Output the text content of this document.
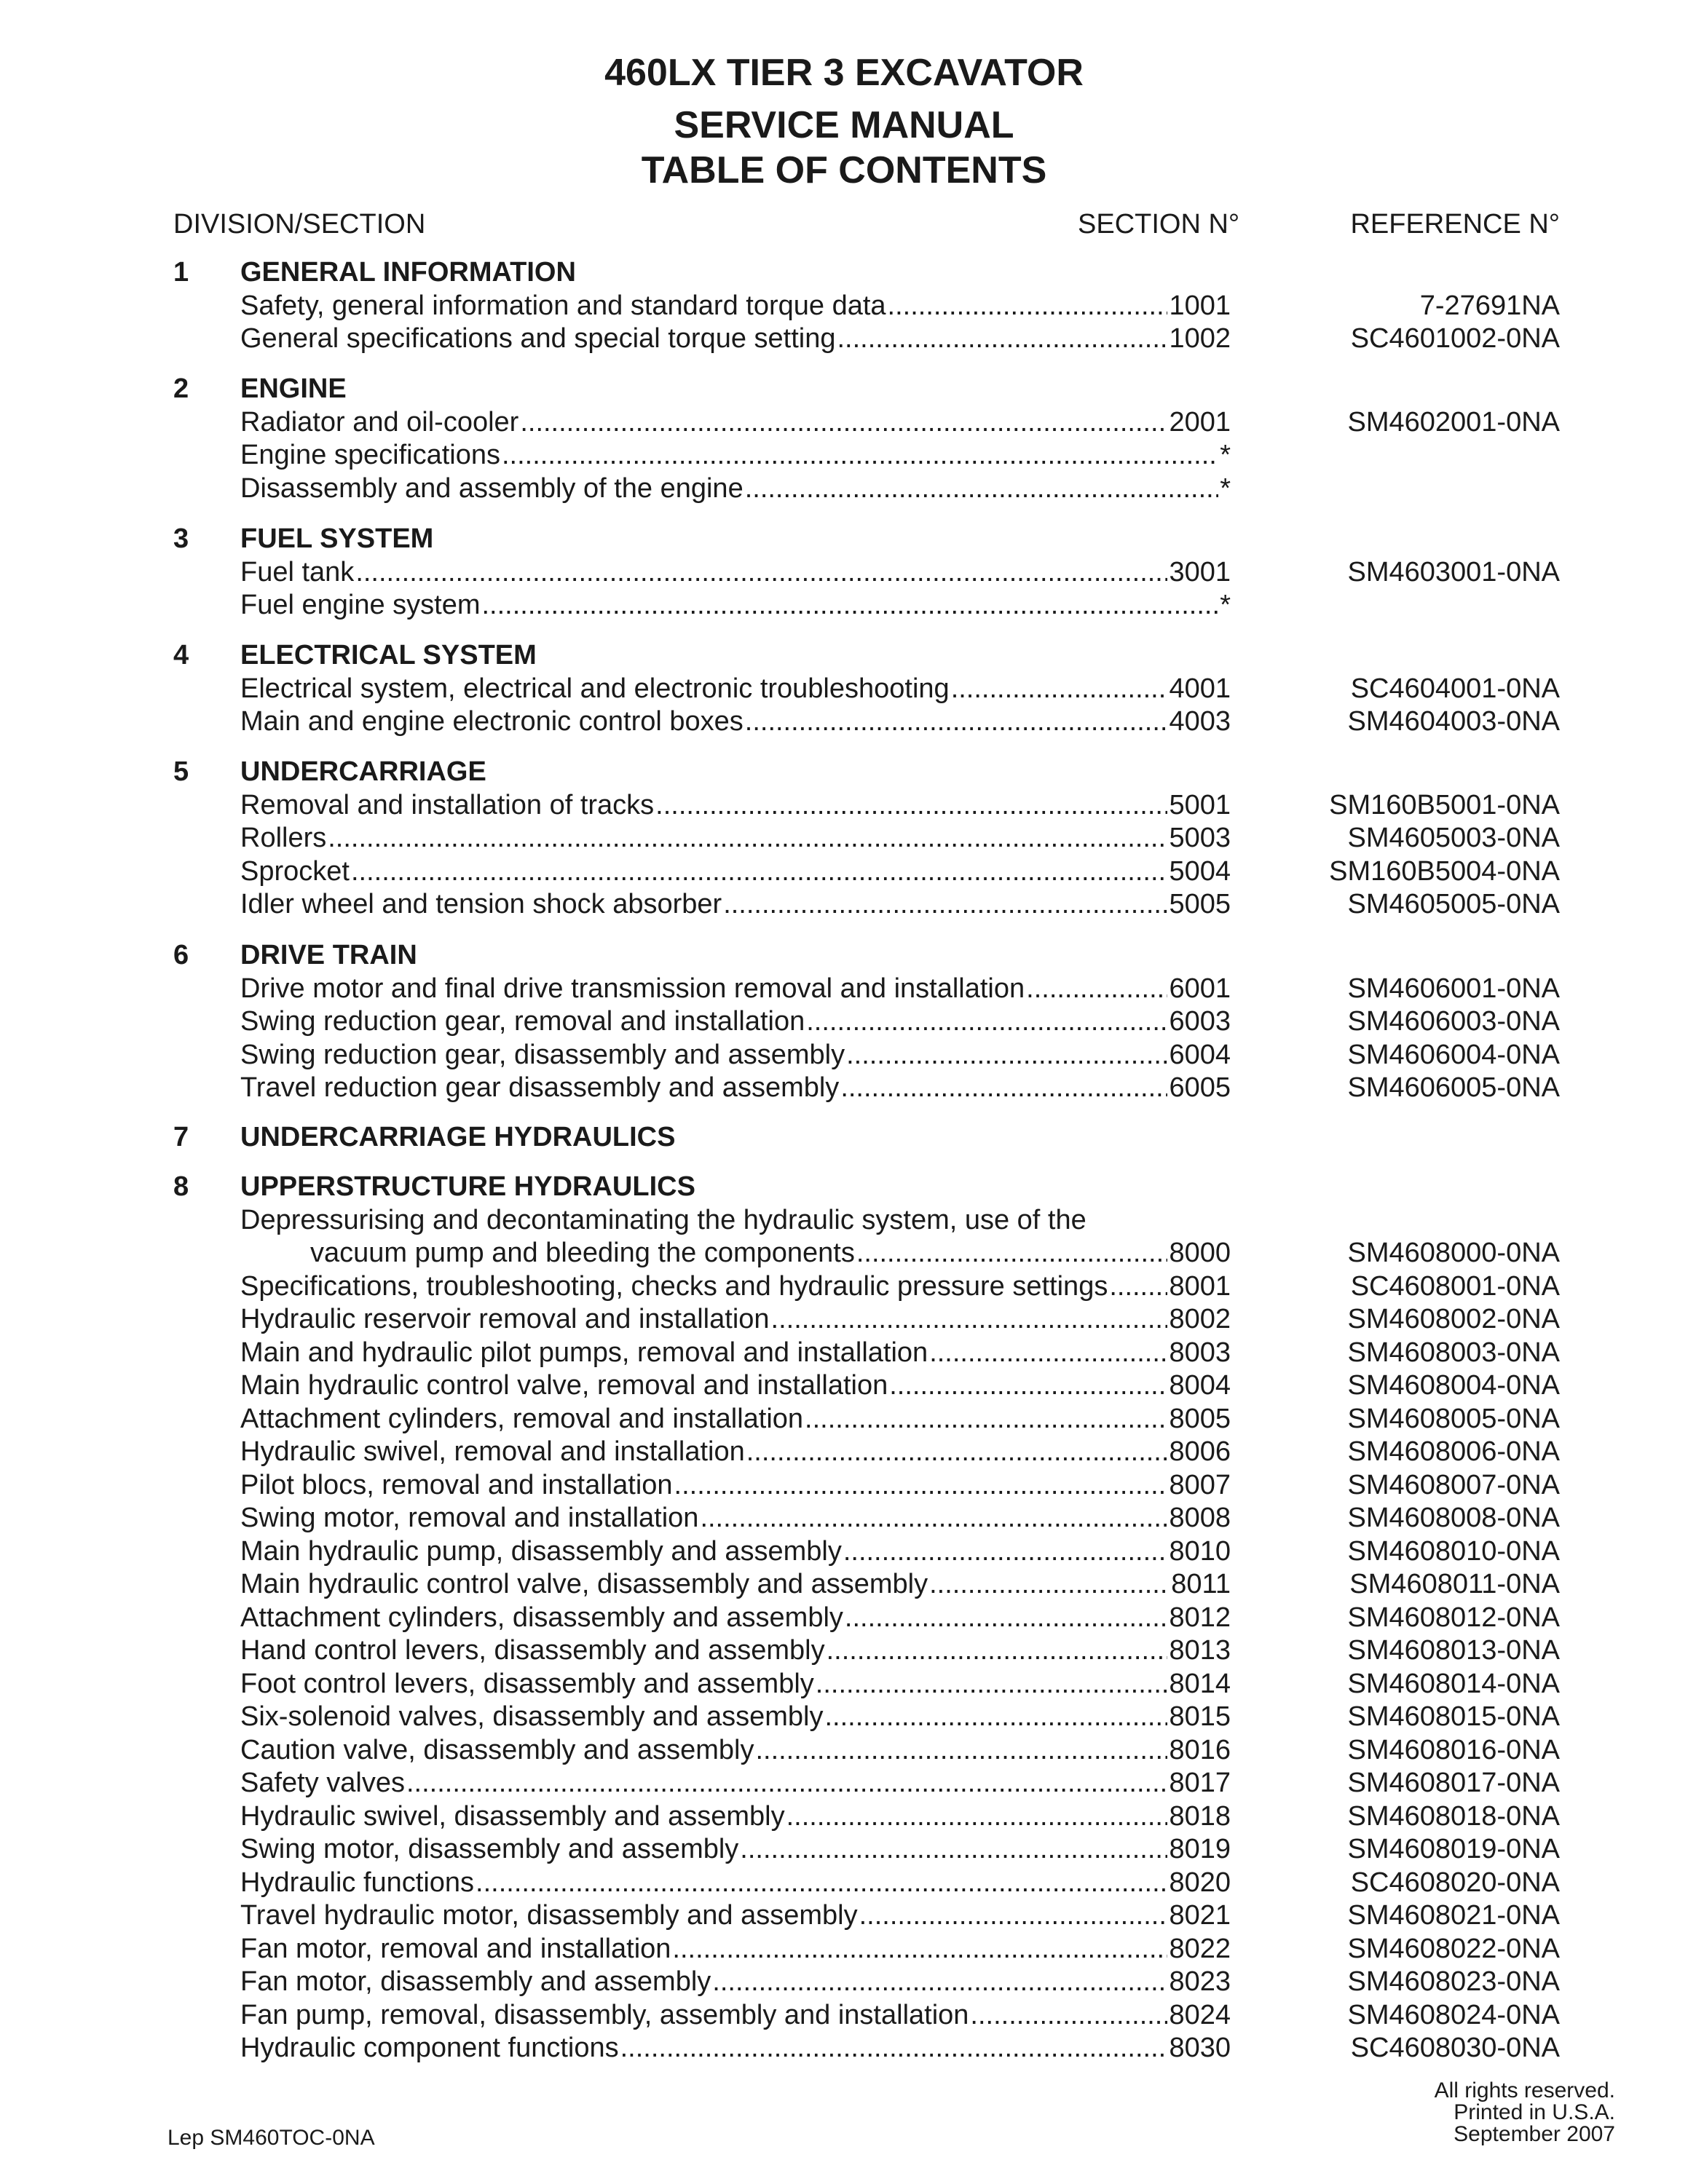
460LX TIER 3 EXCAVATOR
SERVICE MANUAL
TABLE OF CONTENTS
DIVISION/SECTION	SECTION N°	REFERENCE N°
1 GENERAL INFORMATION
Safety, general information and standard torque data .....	1001	7-27691NA
General specifications and special torque setting .....	1002	SC4601002-0NA
2 ENGINE
Radiator and oil-cooler .....	2001	SM4602001-0NA
Engine specifications .....	*
Disassembly and assembly of the engine .....	*
3 FUEL SYSTEM
Fuel tank .....	3001	SM4603001-0NA
Fuel engine system .....	*
4 ELECTRICAL SYSTEM
Electrical system, electrical and electronic troubleshooting .....	4001	SC4604001-0NA
Main and engine electronic control boxes .....	4003	SM4604003-0NA
5 UNDERCARRIAGE
Removal and installation of tracks .....	5001	SM160B5001-0NA
Rollers .....	5003	SM4605003-0NA
Sprocket .....	5004	SM160B5004-0NA
Idler wheel and tension shock absorber .....	5005	SM4605005-0NA
6 DRIVE TRAIN
Drive motor and final drive transmission removal and installation .....	6001	SM4606001-0NA
Swing reduction gear, removal and installation .....	6003	SM4606003-0NA
Swing reduction gear, disassembly and assembly .....	6004	SM4606004-0NA
Travel reduction gear disassembly and assembly .....	6005	SM4606005-0NA
7 UNDERCARRIAGE HYDRAULICS
8 UPPERSTRUCTURE HYDRAULICS
Depressurising and decontaminating the hydraulic system, use of the
vacuum pump and bleeding the components .....	8000	SM4608000-0NA
Specifications, troubleshooting, checks and hydraulic pressure settings ..... 8001	SC4608001-0NA
Hydraulic reservoir removal and installation .....	8002	SM4608002-0NA
Main and hydraulic pilot pumps, removal and installation .....	8003	SM4608003-0NA
Main hydraulic control valve, removal and installation .....	8004	SM4608004-0NA
Attachment cylinders, removal and installation .....	8005	SM4608005-0NA
Hydraulic swivel, removal and installation .....	8006	SM4608006-0NA
Pilot blocs, removal and installation .....	8007	SM4608007-0NA
Swing motor, removal and installation .....	8008	SM4608008-0NA
Main hydraulic pump, disassembly and assembly .....	8010	SM4608010-0NA
Main hydraulic control valve, disassembly and assembly .....	8011	SM4608011-0NA
Attachment cylinders, disassembly and assembly .....	8012	SM4608012-0NA
Hand control levers, disassembly and assembly .....	8013	SM4608013-0NA
Foot control levers, disassembly and assembly .....	8014	SM4608014-0NA
Six-solenoid valves, disassembly and assembly .....	8015	SM4608015-0NA
Caution valve, disassembly and assembly .....	8016	SM4608016-0NA
Safety valves .....	8017	SM4608017-0NA
Hydraulic swivel, disassembly and assembly .....	8018	SM4608018-0NA
Swing motor, disassembly and assembly .....	8019	SM4608019-0NA
Hydraulic functions .....	8020	SC4608020-0NA
Travel hydraulic motor, disassembly and assembly .....	8021	SM4608021-0NA
Fan motor, removal and installation .....	8022	SM4608022-0NA
Fan motor, disassembly and assembly .....	8023	SM4608023-0NA
Fan pump, removal, disassembly, assembly and installation .....	8024	SM4608024-0NA
Hydraulic component functions .....	8030	SC4608030-0NA
All rights reserved.
Printed in U.S.A.
September 2007
Lep SM460TOC-0NA
